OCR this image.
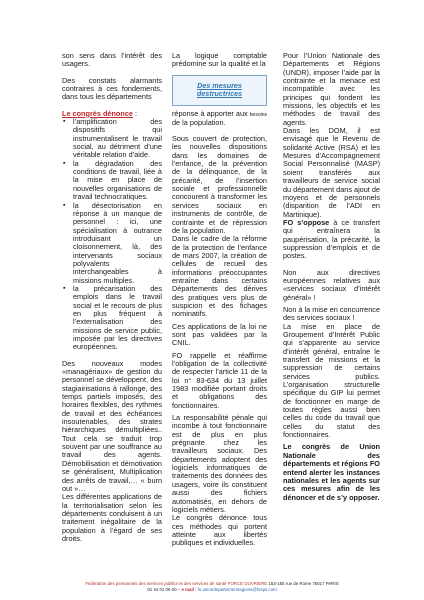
son sens dans l’intérêt des usagers.

Des constats alarmants contraires à ces fondements, dans tous les départements

Le congrès dénonce :

▪ l’amplification des dispositifs qui instrumentalisent le travail social, au détriment d’une véritable relation d’aide.
▪ la dégradation des conditions de travail, liée à la mise en place de nouvelles organisations de travail technocratiques.
▪ la désectorisation en réponse à un manque de personnel : ici, une spécialisation à outrance introduisant un cloisonnement, là, des intervenants sociaux polyvalents interchangeables à missions multiples.
▪ la précarisation des emplois dans le travail social et le recours de plus en plus fréquent à l’externalisation des missions de service public, imposée par les directives européennes.

Des nouveaux modes «managériaux» de gestion du personnel se développent, des stagiairisations à rallonge, des temps partiels imposés, des horaires flexibles, des rythmes de travail et des échéances insoutenables, des strates hiérarchiques démultipliées.. Tout cela se traduit trop souvent par une souffrance au travail des agents. Démobilisation et démotivation se généralisent, Multiplication des arrêts de travail,… « burn out »…

Les différentes applications de la territorialisation selon les départements conduisent à un traitement inégalitaire de la population à l’égard de ses droits.

La logique comptable prédomine sur la qualité et la

Des mesures destructrices

réponse à apporter aux besoins de la population.

Sous couvert de protection, les nouvelles dispositions dans les domaines de l’enfance, de la prévention de la délinquance, de la précarité, de l’insertion sociale et professionnelle concourent à transformer les services sociaux en instruments de contrôle, de contrainte et de répression de la population.

Dans le cadre de la réforme de la protection de l’enfance de mars 2007, la création de cellules de recueil des informations préoccupantes entraîne dans certains Départements des dérives des pratiques vers plus de suspicion et des fichages nominatifs.

Ces applications de la loi ne sont pas validées par la CNIL.

FO rappelle et réaffirme l’obligation de la collectivité de respecter l’article 11 de la loi n° 83-634 du 13 juillet 1983 modifiée portant droits et obligations des fonctionnaires.

La responsabilité pénale qui incombe à tout fonctionnaire est de plus en plus prégnante chez les travailleurs sociaux. Des départements adoptent des logiciels informatiques de traitements des données des usagers, voire ils constituent aussi des fichiers automatisés, en dehors de logiciels métiers.

Le congrès dénonce tous ces méthodes qui portent atteinte aux libertés publiques et individuelles.

Pour l’Union Nationale des Départements et Régions (UNDR), imposer l’aide par la contrainte et la menace est incompatible avec les principes qui fondent les missions, les objectifs et les méthodes de travail des agents.

Dans les DOM, il est envisagé que le Revenu de solidarité Active (RSA) et les Mesures d’Accompagnement Social Personnalisé (MASP) soient transférés aux travailleurs de service social du département dans ajout de moyens et de personnels (disparition de l’ADI en Martinique).

FO s’oppose à ce transfert qui entraînera la paupérisation, la précarité, la suppression d’emplois et de postes.

Non aux directives européennes relatives aux «services sociaux d’intérêt général» !

Non à la mise en concurrence des services sociaux !

La mise en place de Groupement d’Intérêt Public qui s’apparente au service d’intérêt général, entraîne le transfert de missions et la suppression de certains services publics. L’organisation structurelle spécifique du GIP lui permet de fonctionner en marge de toutes règles aussi bien celles du code du travail que celles du statut des fonctionnaires.

Le congrès de Union Nationale des départements et régions FO entend alerter les instances nationales et les agents sur ces mesures afin de les dénoncer et de s’y opposer.

Fédération des personnels des services publics et des services de santé FORCE OUVRIERE 153-155 rue de Rome 75017 PARIS
01 44 01 06 00 – e mail : fo.uniondepartementregions@fosps.com
